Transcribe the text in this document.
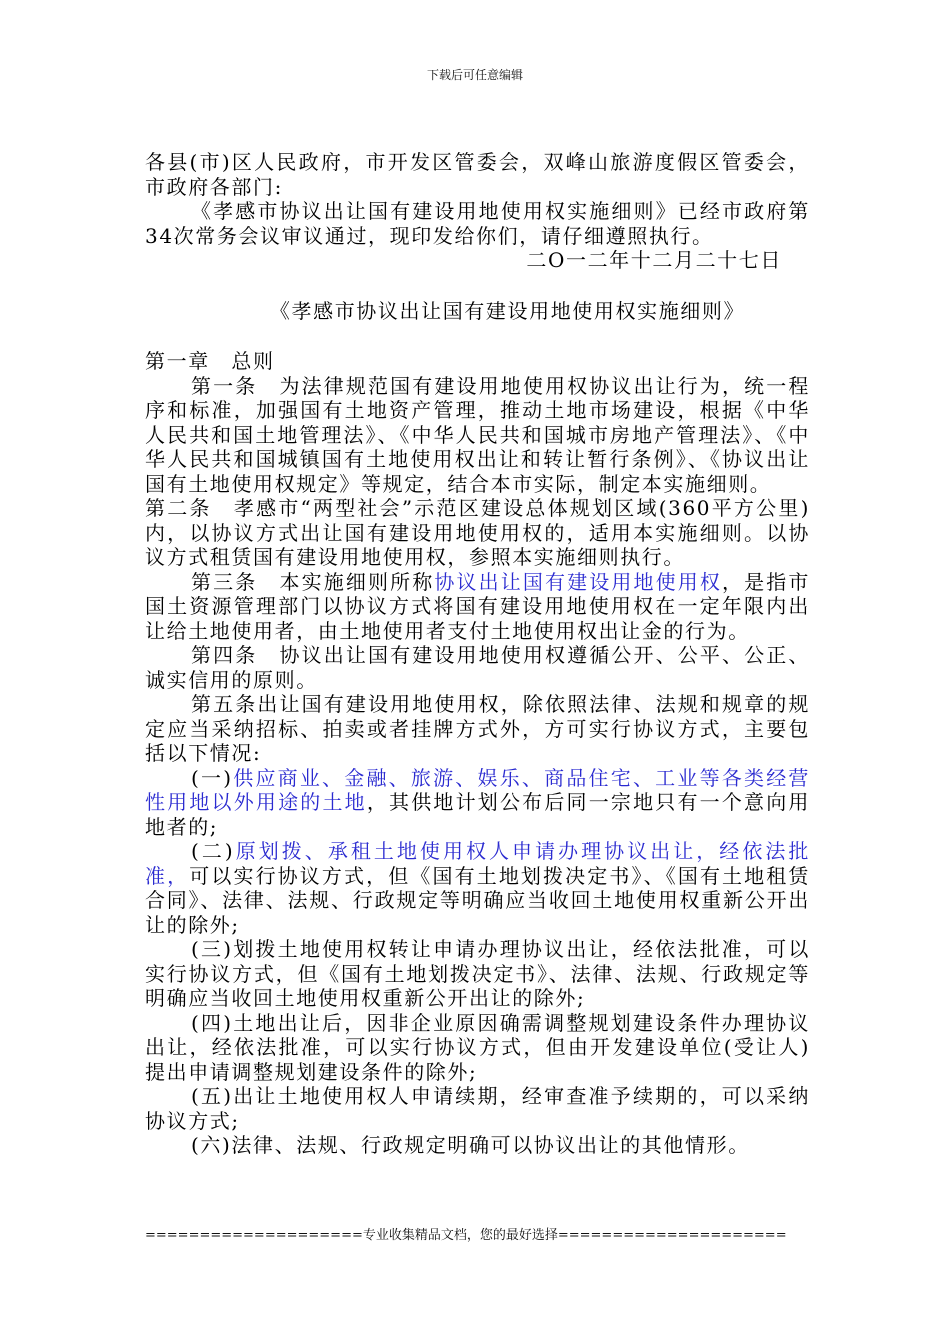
下载后可任意编辑

各县(市)区人民政府，市开发区管委会，双峰山旅游度假区管委会，市政府各部门:

《孝感市协议出让国有建设用地使用权实施细则》已经市政府第34次常务会议审议通过，现印发给你们，请仔细遵照执行。

二O一二年十二月二十七日

《孝感市协议出让国有建设用地使用权实施细则》

第一章　总则

第一条　为法律规范国有建设用地使用权协议出让行为，统一程序和标准，加强国有土地资产管理，推动土地市场建设，根据《中华人民共和国土地管理法》、《中华人民共和国城市房地产管理法》、《中华人民共和国城镇国有土地使用权出让和转让暂行条例》、《协议出让国有土地使用权规定》等规定，结合本市实际，制定本实施细则。

第二条　孝感市“两型社会”示范区建设总体规划区域(360平方公里)内，以协议方式出让国有建设用地使用权的，适用本实施细则。以协议方式租赁国有建设用地使用权，参照本实施细则执行。

第三条　本实施细则所称协议出让国有建设用地使用权，是指市国土资源管理部门以协议方式将国有建设用地使用权在一定年限内出让给土地使用者，由土地使用者支付土地使用权出让金的行为。

第四条　协议出让国有建设用地使用权遵循公开、公平、公正、诚实信用的原则。

第五条出让国有建设用地使用权，除依照法律、法规和规章的规定应当采纳招标、拍卖或者挂牌方式外，方可实行协议方式，主要包括以下情况:

(一)供应商业、金融、旅游、娱乐、商品住宅、工业等各类经营性用地以外用途的土地，其供地计划公布后同一宗地只有一个意向用地者的;

(二)原划拨、承租土地使用权人申请办理协议出让，经依法批准，可以实行协议方式，但《国有土地划拨决定书》、《国有土地租赁合同》、法律、法规、行政规定等明确应当收回土地使用权重新公开出让的除外;

(三)划拨土地使用权转让申请办理协议出让，经依法批准，可以实行协议方式，但《国有土地划拨决定书》、法律、法规、行政规定等明确应当收回土地使用权重新公开出让的除外;

(四)土地出让后，因非企业原因确需调整规划建设条件办理协议出让，经依法批准，可以实行协议方式，但由开发建设单位(受让人)提出申请调整规划建设条件的除外;

(五)出让土地使用权人申请续期，经审查准予续期的，可以采纳协议方式;

(六)法律、法规、行政规定明确可以协议出让的其他情形。

====================专业收集精品文档，您的最好选择=====================
